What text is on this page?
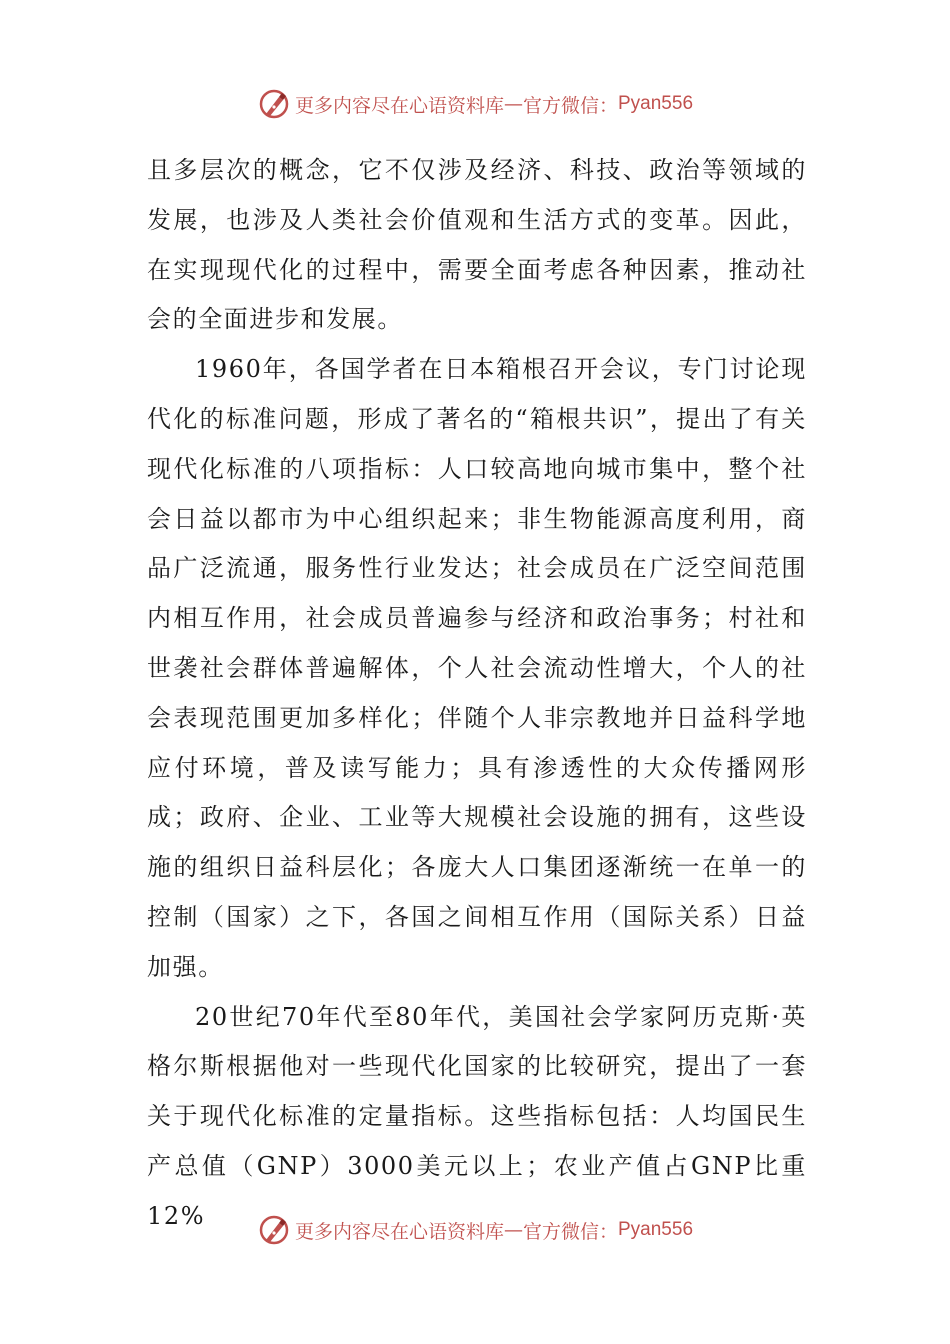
更多内容尽在心语资料库 — 官方微信： Pyan556

且多层次的概念，它不仅涉及经济、科技、政治等领域的发展，也涉及人类社会价值观和生活方式的变革。因此，在实现现代化的过程中，需要全面考虑各种因素，推动社会的全面进步和发展。

1960年，各国学者在日本箱根召开会议，专门讨论现代化的标准问题，形成了著名的“箱根共识”，提出了有关现代化标准的八项指标：人口较高地向城市集中，整个社会日益以都市为中心组织起来；非生物能源高度利用，商品广泛流通，服务性行业发达；社会成员在广泛空间范围内相互作用，社会成员普遍参与经济和政治事务；村社和世袭社会群体普遍解体，个人社会流动性增大，个人的社会表现范围更加多样化；伴随个人非宗教地并日益科学地应付环境，普及读写能力；具有渗透性的大众传播网形成；政府、企业、工业等大规模社会设施的拥有，这些设施的组织日益科层化；各庞大人口集团逐渐统一在单一的控制（国家）之下，各国之间相互作用（国际关系）日益加强。

20世纪70年代至80年代，美国社会学家阿历克斯·英格尔斯根据他对一些现代化国家的比较研究，提出了一套关于现代化标准的定量指标。这些指标包括：人均国民生产总值（GNP）3000美元以上；农业产值占GNP比重12%

更多内容尽在心语资料库 — 官方微信： Pyan556
